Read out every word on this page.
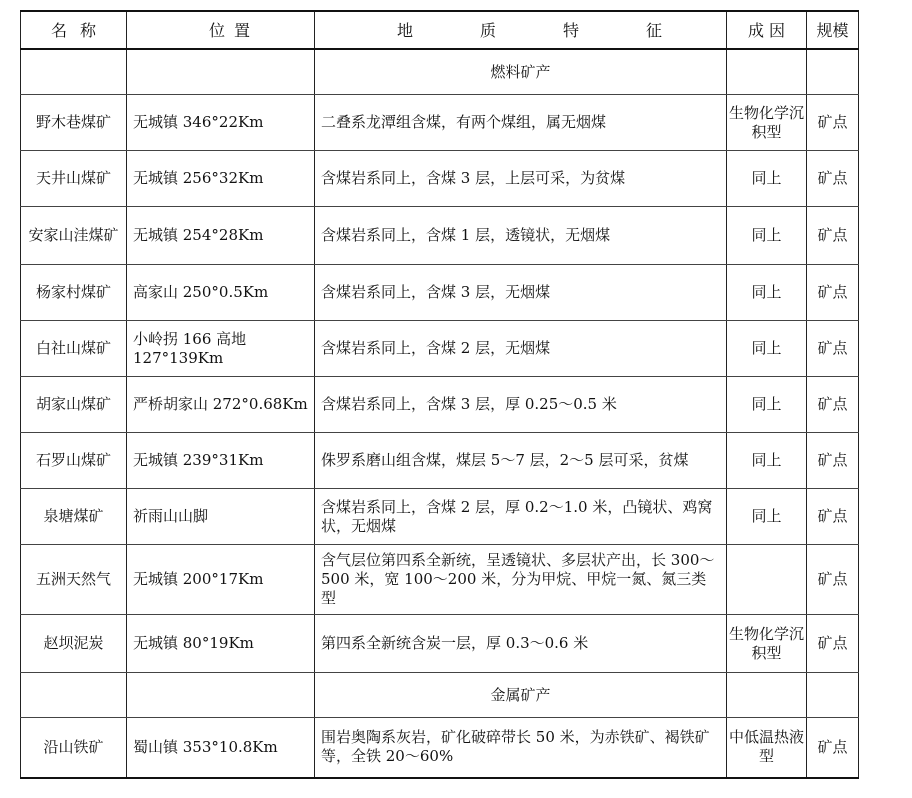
名 称	位 置	地 质 特 征	成 因	规模
		燃料矿产		
野木巷煤矿	无城镇 346°22Km	二叠系龙潭组含煤，有两个煤组，属无烟煤	生物化学沉积型	矿点
天井山煤矿	无城镇 256°32Km	含煤岩系同上，含煤 3 层，上层可采，为贫煤	同上	矿点
安家山洼煤矿	无城镇 254°28Km	含煤岩系同上，含煤 1 层，透镜状，无烟煤	同上	矿点
杨家村煤矿	高家山 250°0.5Km	含煤岩系同上，含煤 3 层，无烟煤	同上	矿点
白社山煤矿	小岭拐 166 高地 127°139Km	含煤岩系同上，含煤 2 层，无烟煤	同上	矿点
胡家山煤矿	严桥胡家山 272°0.68Km	含煤岩系同上，含煤 3 层，厚 0.25～0.5 米	同上	矿点
石罗山煤矿	无城镇 239°31Km	侏罗系磨山组含煤，煤层 5～7 层，2～5 层可采，贫煤	同上	矿点
泉塘煤矿	祈雨山山脚	含煤岩系同上，含煤 2 层，厚 0.2～1.0 米，凸镜状、鸡窝状，无烟煤	同上	矿点
五洲天然气	无城镇 200°17Km	含气层位第四系全新统，呈透镜状、多层状产出，长 300～500 米，宽 100～200 米，分为甲烷、甲烷一氮、氮三类型		矿点
赵坝泥炭	无城镇 80°19Km	第四系全新统含炭一层，厚 0.3～0.6 米	生物化学沉积型	矿点
		金属矿产		
沿山铁矿	蜀山镇 353°10.8Km	围岩奥陶系灰岩，矿化破碎带长 50 米，为赤铁矿、褐铁矿等，全铁 20～60%	中低温热液型	矿点
